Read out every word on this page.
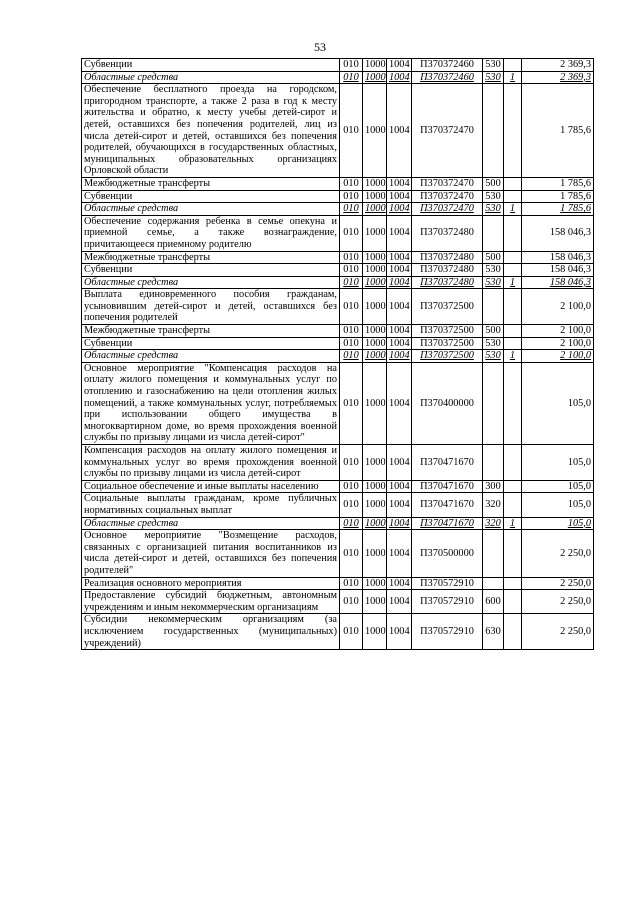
53
Субвенции	010	1000	1004	П370372460	530		2 369,3
Областные средства	010	1000	1004	П370372460	530	1	2 369,3
Обеспечение бесплатного проезда на городском, пригородном транспорте, а также 2 раза в год к месту жительства и обратно, к месту учебы детей-сирот и детей, оставшихся без попечения родителей, лиц из числа детей-сирот и детей, оставшихся без попечения родителей, обучающихся в государственных областных, муниципальных образовательных организациях Орловской области	010	1000	1004	П370372470			1 785,6
Межбюджетные трансферты	010	1000	1004	П370372470	500		1 785,6
Субвенции	010	1000	1004	П370372470	530		1 785,6
Областные средства	010	1000	1004	П370372470	530	1	1 785,6
Обеспечение содержания ребенка в семье опекуна и приемной семье, а также вознаграждение, причитающееся приемному родителю	010	1000	1004	П370372480			158 046,3
Межбюджетные трансферты	010	1000	1004	П370372480	500		158 046,3
Субвенции	010	1000	1004	П370372480	530		158 046,3
Областные средства	010	1000	1004	П370372480	530	1	158 046,3
Выплата единовременного пособия гражданам, усыновившим детей-сирот и детей, оставшихся без попечения родителей	010	1000	1004	П370372500			2 100,0
Межбюджетные трансферты	010	1000	1004	П370372500	500		2 100,0
Субвенции	010	1000	1004	П370372500	530		2 100,0
Областные средства	010	1000	1004	П370372500	530	1	2 100,0
Основное мероприятие "Компенсация расходов на оплату жилого помещения и коммунальных услуг по отоплению и газоснабжению на цели отопления жилых помещений, а также коммунальных услуг, потребляемых при использовании общего имущества в многоквартирном доме, во время прохождения военной службы по призыву лицами из числа детей-сирот"	010	1000	1004	П370400000			105,0
Компенсация расходов на оплату жилого помещения и коммунальных услуг во время прохождения военной службы по призыву лицами из числа детей-сирот	010	1000	1004	П370471670			105,0
Социальное обеспечение и иные выплаты населению	010	1000	1004	П370471670	300		105,0
Социальные выплаты гражданам, кроме публичных нормативных социальных выплат	010	1000	1004	П370471670	320		105,0
Областные средства	010	1000	1004	П370471670	320	1	105,0
Основное мероприятие "Возмещение расходов, связанных с организацией питания воспитанников из числа детей-сирот и детей, оставшихся без попечения родителей"	010	1000	1004	П370500000			2 250,0
Реализация основного мероприятия	010	1000	1004	П370572910			2 250,0
Предоставление субсидий бюджетным, автономным учреждениям и иным некоммерческим организациям	010	1000	1004	П370572910	600		2 250,0
Субсидии некоммерческим организациям (за исключением государственных (муниципальных) учреждений)	010	1000	1004	П370572910	630		2 250,0
